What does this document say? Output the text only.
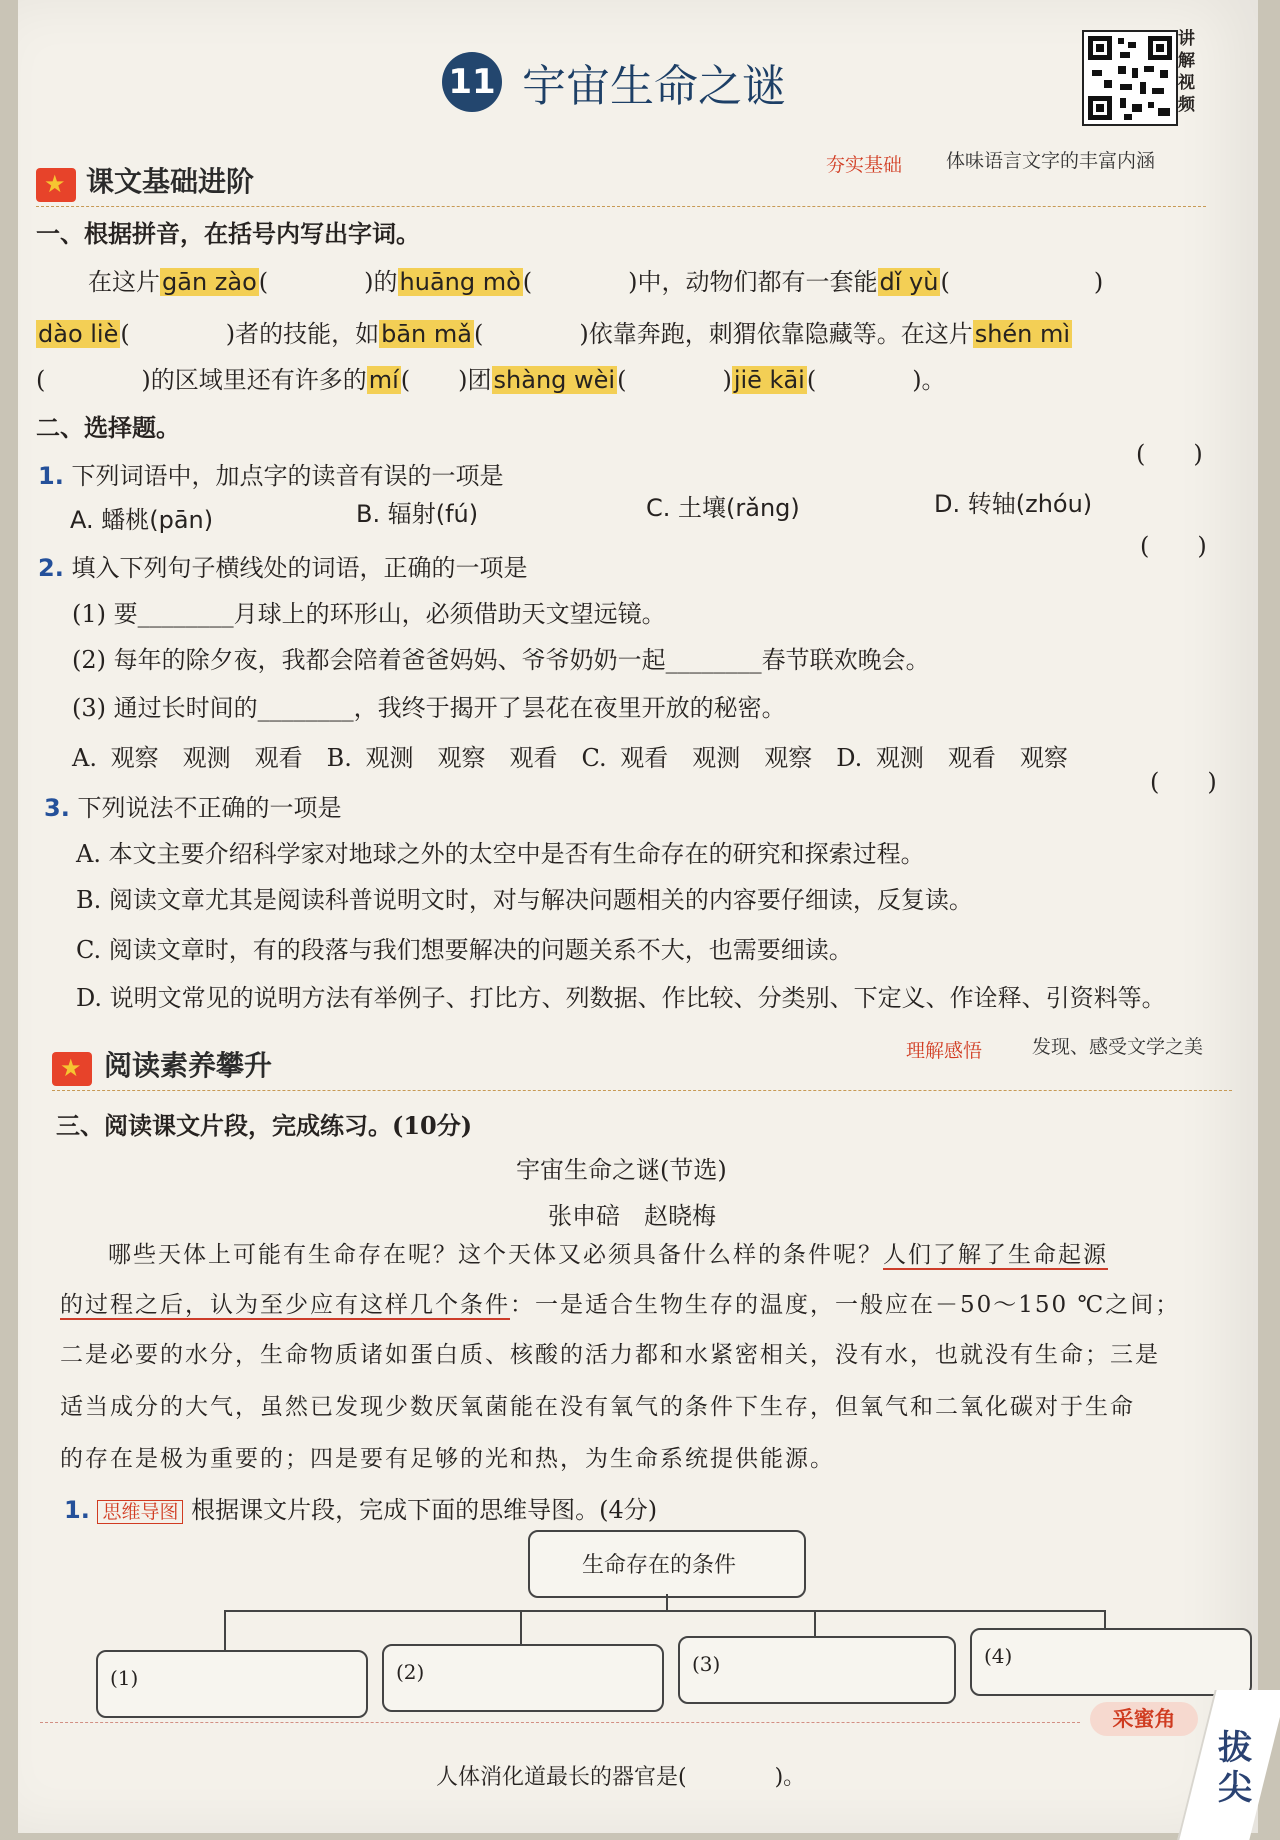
11 宇宙生命之谜
讲解视频
★
课文基础进阶	夯实基础 体味语言文字的丰富内涵
一、根据拼音，在括号内写出字词。
在这片gān zào(　　　　)的huāng mò(　　　　)中，动物们都有一套能dǐ yù(　　　　　　)
dào liè(　　　　)者的技能，如bān mǎ(　　　　)依靠奔跑，刺猬依靠隐藏等。在这片shén mì
(　　　　)的区域里还有许多的mí(　　)团shàng wèi(　　　　)jiē kāi(　　　　)。
二、选择题。
1. 下列词语中，加点字的读音有误的一项是
(　　)
A. 蟠桃(pān)	B. 辐射(fú)	C. 土壤(rǎng)	D. 转轴(zhóu)
2. 填入下列句子横线处的词语，正确的一项是
(　　)
(1) 要________月球上的环形山，必须借助天文望远镜。
(2) 每年的除夕夜，我都会陪着爸爸妈妈、爷爷奶奶一起________春节联欢晚会。
(3) 通过长时间的________，我终于揭开了昙花在夜里开放的秘密。
A. 观察　观测　观看　B. 观测　观察　观看　C. 观看　观测　观察　D. 观测　观看　观察
(　　)
3. 下列说法不正确的一项是
A. 本文主要介绍科学家对地球之外的太空中是否有生命存在的研究和探索过程。
B. 阅读文章尤其是阅读科普说明文时，对与解决问题相关的内容要仔细读，反复读。
C. 阅读文章时，有的段落与我们想要解决的问题关系不大，也需要细读。
D. 说明文常见的说明方法有举例子、打比方、列数据、作比较、分类别、下定义、作诠释、引资料等。
★
阅读素养攀升	理解感悟	发现、感受文学之美
三、阅读课文片段，完成练习。(10分)
宇宙生命之谜(节选)
张申碚　赵晓梅
哪些天体上可能有生命存在呢？这个天体又必须具备什么样的条件呢？人们了解了生命起源
的过程之后，认为至少应有这样几个条件：一是适合生物生存的温度，一般应在－50～150 ℃之间；
二是必要的水分，生命物质诸如蛋白质、核酸的活力都和水紧密相关，没有水，也就没有生命；三是
适当成分的大气，虽然已发现少数厌氧菌能在没有氧气的条件下生存，但氧气和二氧化碳对于生命
的存在是极为重要的；四是要有足够的光和热，为生命系统提供能源。
1. 思维导图 根据课文片段，完成下面的思维导图。(4分)
生命存在的条件
(1)	(2)	(3)	(4)
采蜜角
人体消化道最长的器官是(　　　　)。
拔尖
